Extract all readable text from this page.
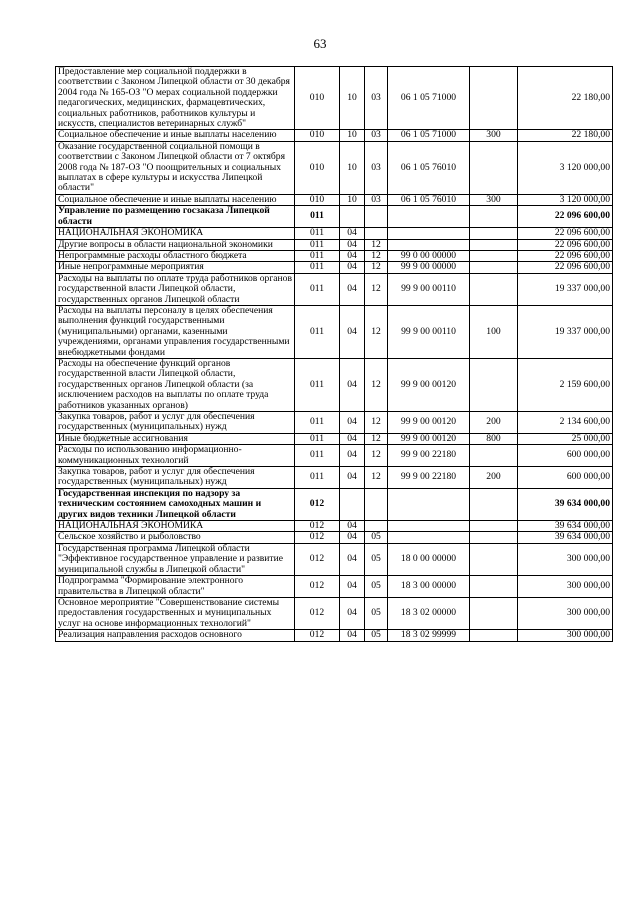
63
Предоставление мер социальной поддержки в соответствии с Законом Липецкой области от 30 декабря 2004 года № 165-ОЗ "О мерах социальной поддержки педагогических, медицинских, фармацевтических, социальных работников, работников культуры и искусств, специалистов ветеринарных служб"	010	10	03	06 1 05 71000		22 180,00
Социальное обеспечение и иные выплаты населению	010	10	03	06 1 05 71000	300	22 180,00
Оказание государственной социальной помощи в соответствии с Законом Липецкой области от 7 октября 2008 года № 187-ОЗ "О поощрительных и социальных выплатах в сфере культуры и искусства Липецкой области"	010	10	03	06 1 05 76010		3 120 000,00
Социальное обеспечение и иные выплаты населению	010	10	03	06 1 05 76010	300	3 120 000,00
Управление по размещению госзаказа Липецкой области	011					22 096 600,00
НАЦИОНАЛЬНАЯ ЭКОНОМИКА	011	04				22 096 600,00
Другие вопросы в области национальной экономики	011	04	12			22 096 600,00
Непрограммные расходы областного бюджета	011	04	12	99 0 00 00000		22 096 600,00
Иные непрограммные мероприятия	011	04	12	99 9 00 00000		22 096 600,00
Расходы на выплаты по оплате труда работников органов государственной власти Липецкой области, государственных органов Липецкой области	011	04	12	99 9 00 00110		19 337 000,00
Расходы на выплаты персоналу в целях обеспечения выполнения функций государственными (муниципальными) органами, казенными учреждениями, органами управления государственными внебюджетными фондами	011	04	12	99 9 00 00110	100	19 337 000,00
Расходы на обеспечение функций органов государственной власти Липецкой области, государственных органов Липецкой области (за исключением расходов на выплаты по оплате труда работников указанных органов)	011	04	12	99 9 00 00120		2 159 600,00
Закупка товаров, работ и услуг для обеспечения государственных (муниципальных) нужд	011	04	12	99 9 00 00120	200	2 134 600,00
Иные бюджетные ассигнования	011	04	12	99 9 00 00120	800	25 000,00
Расходы по использованию информационно-коммуникационных технологий	011	04	12	99 9 00 22180		600 000,00
Закупка товаров, работ и услуг для обеспечения государственных (муниципальных) нужд	011	04	12	99 9 00 22180	200	600 000,00
Государственная инспекция по надзору за техническим состоянием самоходных машин и других видов техники Липецкой области	012					39 634 000,00
НАЦИОНАЛЬНАЯ ЭКОНОМИКА	012	04				39 634 000,00
Сельское хозяйство и рыболовство	012	04	05			39 634 000,00
Государственная программа Липецкой области "Эффективное государственное управление и развитие муниципальной службы в Липецкой области"	012	04	05	18 0 00 00000		300 000,00
Подпрограмма "Формирование электронного правительства в Липецкой области"	012	04	05	18 3 00 00000		300 000,00
Основное мероприятие "Совершенствование системы предоставления государственных и муниципальных услуг на основе информационных технологий"	012	04	05	18 3 02 00000		300 000,00
Реализация направления расходов основного	012	04	05	18 3 02 99999		300 000,00
